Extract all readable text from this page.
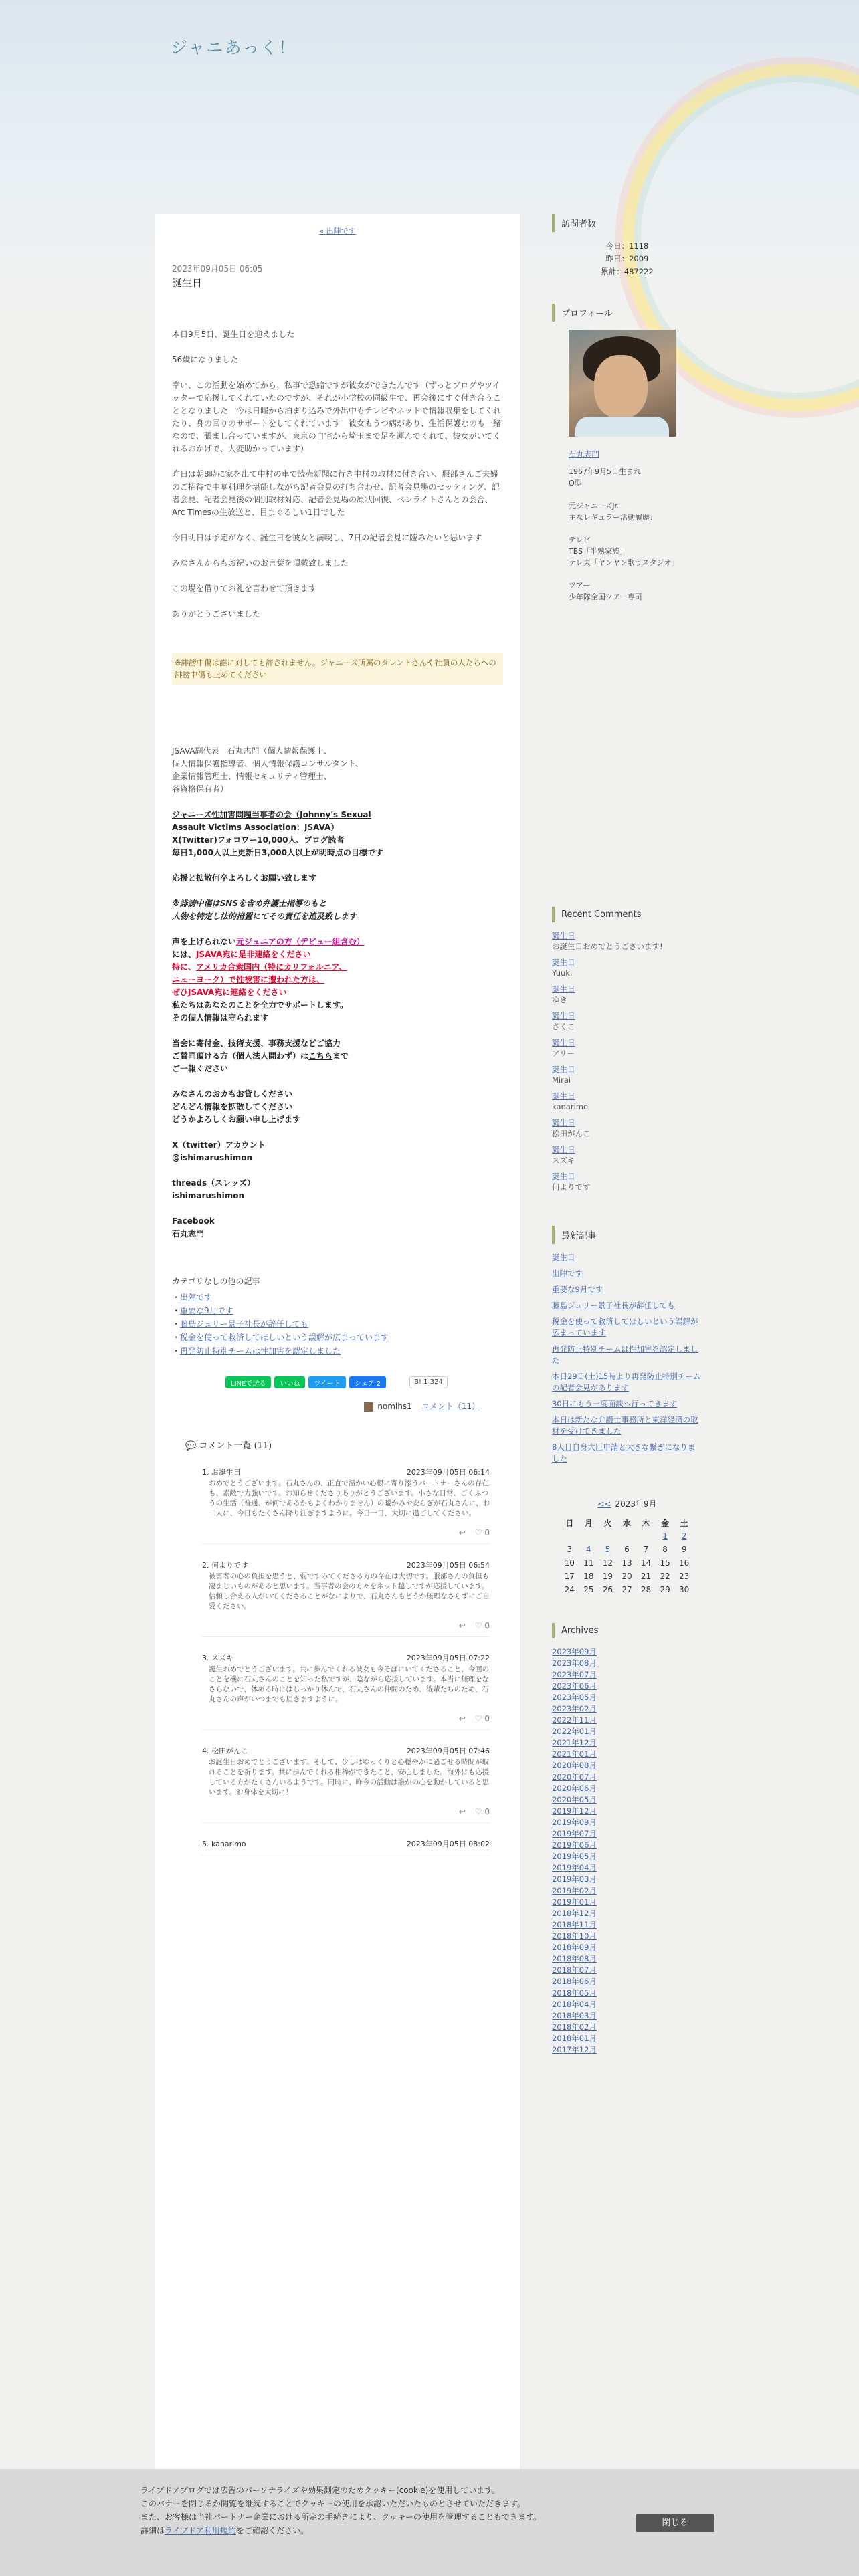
ジャニあっく！
« 出陣です
2023年09月05日 06:05
誕生日

本日9月5日、誕生日を迎えました

56歳になりました

幸い、この活動を始めてから、私事で恐縮ですが彼女ができたんです（ずっとブログやツイッターで応援してくれていたのですが、それが小学校の同級生で、再会後にすぐ付き合うこととなりました　今は日曜から泊まり込みで外出中もテレビやネットで情報収集をしてくれたり、身の回りのサポートをしてくれています　彼女もうつ病があり、生活保護なのも一緒なので、張まし合っていますが、東京の自宅から埼玉まで足を運んでくれて、彼女がいてくれるおかげで、大変助かっています）

昨日は朝8時に家を出て中村の車で読売新聞に行き中村の取材に付き合い、服部さんご夫婦のご招待で中華料理を堪能しながら記者会見の打ち合わせ、記者会見場のセッティング、記者会見、記者会見後の個別取材対応、記者会見場の原状回復、ペンライトさんとの会合、Arc Timesの生放送と、目まぐるしい1日でした

今日明日は予定がなく、誕生日を彼女と満喫し、7日の記者会見に臨みたいと思います

みなさんからもお祝いのお言葉を頂戴致しました

この場を借りてお礼を言わせて頂きます

ありがとうございました

※誹謗中傷は誰に対しても許されません。ジャニーズ所属のタレントさんや社員の人たちへの誹謗中傷も止めてください
JSAVA副代表　石丸志門（個人情報保護士、
個人情報保護指導者、個人情報保護コンサルタント、
企業情報管理士、情報セキュリティ管理士、
各資格保有者）
ジャニーズ性加害問題当事者の会（Johnny's Sexual
Assault Victims Association：JSAVA）
X(Twitter)フォロワー10,000人、ブログ読者
毎日1,000人以上更新日3,000人以上が明時点の目標です
応援と拡散何卒よろしくお願い致します
※誹謗中傷はSNSを含め弁護士指導のもと
人物を特定し法的措置にてその責任を追及致します
声を上げられない元ジュニアの方（デビュー組含む）
には、JSAVA宛に是非連絡をください
特に、アメリカ合衆国内（特にカリフォルニア、
ニューヨーク）で性被害に遭われた方は、
ぜひJSAVA宛に連絡をください
私たちはあなたのことを全力でサポートします。
その個人情報は守られます
当会に寄付金、技術支援、事務支援などご協力
ご賛同頂ける方（個人法人問わず）はこちらまで
ご一報ください
みなさんのおカもお貸しください
どんどん情報を拡散してください
どうかよろしくお願い申し上げます
X（twitter）アカウント
@ishimarushimon
threads（スレッズ）
ishimarushimon
Facebook
石丸志門
カテゴリなしの他の記事
・出陣です
・重要な9月です
・藤島ジュリー景子社長が辞任しても
・税金を使って救済してほしいという誤解が広まっています
・再発防止特別チームは性加害を認定しました
LINEで送る	いいね	ツイート	シェア 2	B! 1,324
nomihs1 コメント（11）
💬 コメント一覧 (11)
1. お誕生日	2023年09月05日 06:14
おめでとうございます。石丸さんの、正直で温かい心根に寄り添うパートナーさんの存在も、素敵で力強いです。お知らせくださりありがとうございます。小さな日常、ごくふつうの生活（普通、が何であるかもよくわかりません）の暖かみや安らぎが石丸さんに、お二人に、今日もたくさん降り注ぎますように。今日一日、大切に過ごしてください。
↩ ♡ 0
2. 何よりです	2023年09月05日 06:54
被害者の心の負担を思うと、弱ですみてくださる方の存在は大切です。服部さんの負担も凄まじいものがあると思います。当事者の会の方々をネット越しですが応援しています。信頼し合える人がいてくださることがなによりで、石丸さんもどうか無理なさらずにご自愛ください。
↩ ♡ 0
3. スズキ	2023年09月05日 07:22
誕生おめでとうございます。共に歩んでくれる彼女も今そばにいてくださること、今回のことを機に石丸さんのことを知った私ですが、陰ながら応援しています。本当に無理をなさらないで、休める時にはしっかり休んで、石丸さんの仲間のため、後輩たちのため、石丸さんの声がいつまでも届きますように。
↩ ♡ 0
4. 松田がんこ	2023年09月05日 07:46
お誕生日おめでとうございます。そして、少しはゆっくりと心穏やかに過ごせる時間が取れることを祈ります。共に歩んでくれる相棒ができたこと、安心しました。海外にも応援している方がたくさんいるようです。同時に、昨今の活動は誰かの心を動かしていると思います。お身体を大切に！
↩ ♡ 0
5. kanarimo	2023年09月05日 08:02
訪問者数
今日：1118
昨日：2009
累計：487222
プロフィール
石丸志門
1967年9月5日生まれ
O型

元ジャニーズJr.
主なレギュラー活動履歴：

テレビ
TBS「半熟家族」
テレ東「ヤンヤン歌うスタジオ」

ツアー
少年隊全国ツアー専司
Recent Comments
誕生日
お誕生日おめでとうございます!
誕生日
Yuuki
誕生日
ゆき
誕生日
さくこ
誕生日
アリー
誕生日
Mirai
誕生日
kanarimo
誕生日
松田がんこ
誕生日
スズキ
誕生日
何よりです
最新記事
誕生日
出陣です
重要な9月です
藤島ジュリー景子社長が辞任しても
税金を使って救済してほしいという誤解が広まっています
再発防止特別チームは性加害を認定しました
本日29日(土)15時より再発防止特別チームの記者会見があります
30日にもう一度面談へ行ってきます
本日は新たな弁護士事務所と東洋経済の取材を受けてきました
8人目自身大臣申請と大きな繋ぎになりました
<< 2023年9月
日	月	火	水	木	金	土
					1	2
3	4	5	6	7	8	9
10	11	12	13	14	15	16
17	18	19	20	21	22	23
24	25	26	27	28	29	30
Archives
2023年09月
2023年08月
2023年07月
2023年06月
2023年05月
2023年02月
2022年11月
2022年01月
2021年12月
2021年01月
2020年08月
2020年07月
2020年06月
2020年05月
2019年12月
2019年09月
2019年07月
2019年06月
2019年05月
2019年04月
2019年03月
2019年02月
2019年01月
2018年12月
2018年11月
2018年10月
2018年09月
2018年08月
2018年07月
2018年06月
2018年05月
2018年04月
2018年03月
2018年02月
2018年01月
2017年12月
ライブドアブログでは広告のパーソナライズや効果測定のためクッキー(cookie)を使用しています。
このバナーを閉じるか閲覧を継続することでクッキーの使用を承認いただいたものとさせていただきます。
また、お客様は当社パートナー企業における所定の手続きにより、クッキーの使用を管理することもできます。
詳細はライブドア利用規約をご確認ください。
閉じる
